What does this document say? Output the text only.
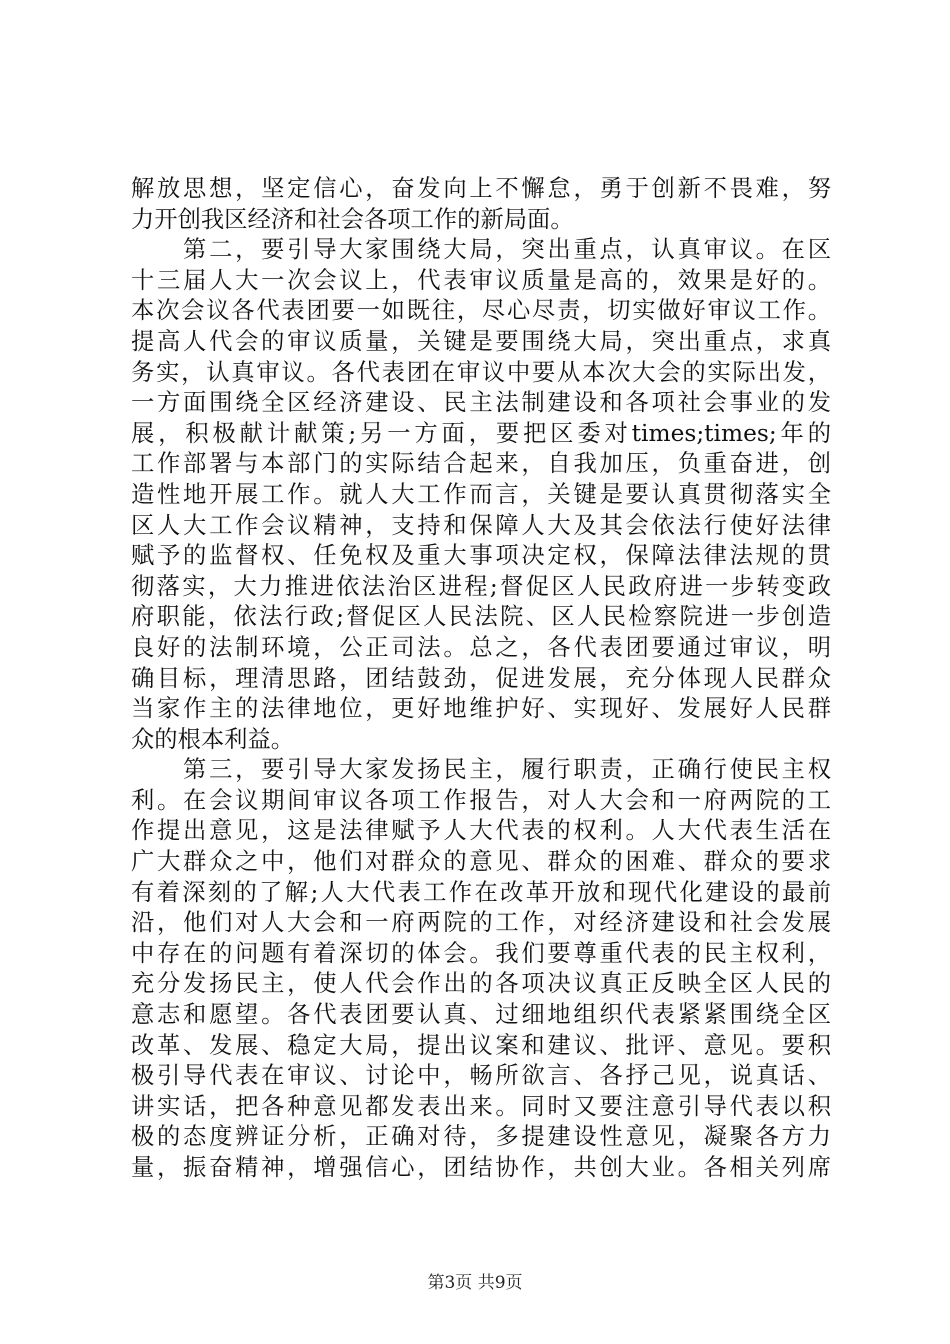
解放思想，坚定信心，奋发向上不懈怠，勇于创新不畏难，努
力开创我区经济和社会各项工作的新局面。
　　第二，要引导大家围绕大局，突出重点，认真审议。在区
十三届人大一次会议上，代表审议质量是高的，效果是好的。
本次会议各代表团要一如既往，尽心尽责，切实做好审议工作。
提高人代会的审议质量，关键是要围绕大局，突出重点，求真
务实，认真审议。各代表团在审议中要从本次大会的实际出发，
一方面围绕全区经济建设、民主法制建设和各项社会事业的发
展，积极献计献策;另一方面，要把区委对times;times;年的
工作部署与本部门的实际结合起来，自我加压，负重奋进，创
造性地开展工作。就人大工作而言，关键是要认真贯彻落实全
区人大工作会议精神，支持和保障人大及其会依法行使好法律
赋予的监督权、任免权及重大事项决定权，保障法律法规的贯
彻落实，大力推进依法治区进程;督促区人民政府进一步转变政
府职能，依法行政;督促区人民法院、区人民检察院进一步创造
良好的法制环境，公正司法。总之，各代表团要通过审议，明
确目标，理清思路，团结鼓劲，促进发展，充分体现人民群众
当家作主的法律地位，更好地维护好、实现好、发展好人民群
众的根本利益。
　　第三，要引导大家发扬民主，履行职责，正确行使民主权
利。在会议期间审议各项工作报告，对人大会和一府两院的工
作提出意见，这是法律赋予人大代表的权利。人大代表生活在
广大群众之中，他们对群众的意见、群众的困难、群众的要求
有着深刻的了解;人大代表工作在改革开放和现代化建设的最前
沿，他们对人大会和一府两院的工作，对经济建设和社会发展
中存在的问题有着深切的体会。我们要尊重代表的民主权利，
充分发扬民主，使人代会作出的各项决议真正反映全区人民的
意志和愿望。各代表团要认真、过细地组织代表紧紧围绕全区
改革、发展、稳定大局，提出议案和建议、批评、意见。要积
极引导代表在审议、讨论中，畅所欲言、各抒己见，说真话、
讲实话，把各种意见都发表出来。同时又要注意引导代表以积
极的态度辨证分析，正确对待，多提建设性意见，凝聚各方力
量，振奋精神，增强信心，团结协作，共创大业。各相关列席
第3页 共9页
